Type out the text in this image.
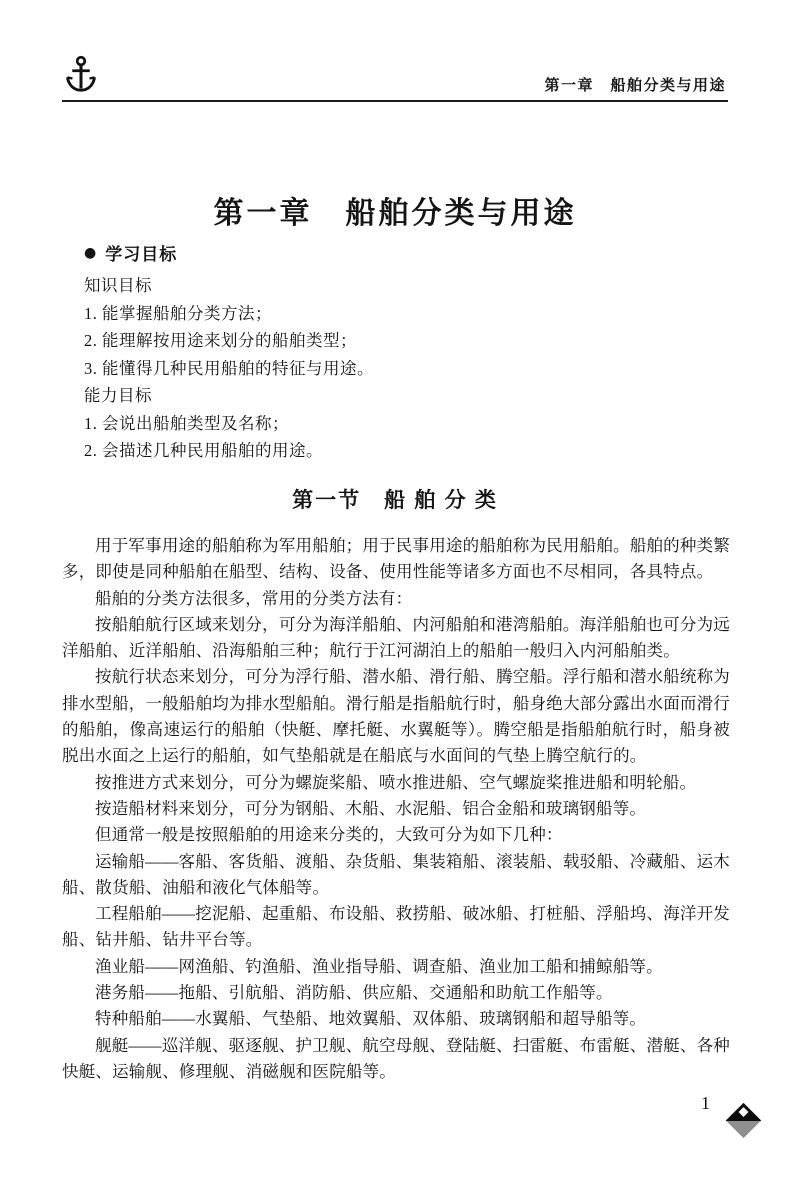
第一章　船舶分类与用途
第一章　船舶分类与用途
● 学习目标
知识目标
1. 能掌握船舶分类方法；
2. 能理解按用途来划分的船舶类型；
3. 能懂得几种民用船舶的特征与用途。
能力目标
1. 会说出船舶类型及名称；
2. 会描述几种民用船舶的用途。
第一节　船 舶 分 类

用于军事用途的船舶称为军用船舶；用于民事用途的船舶称为民用船舶。船舶的种类繁多，即使是同种船舶在船型、结构、设备、使用性能等诸多方面也不尽相同，各具特点。

船舶的分类方法很多，常用的分类方法有：

按船舶航行区域来划分，可分为海洋船舶、内河船舶和港湾船舶。海洋船舶也可分为远洋船舶、近洋船舶、沿海船舶三种；航行于江河湖泊上的船舶一般归入内河船舶类。

按航行状态来划分，可分为浮行船、潜水船、滑行船、腾空船。浮行船和潜水船统称为排水型船，一般船舶均为排水型船舶。滑行船是指船航行时，船身绝大部分露出水面而滑行的船舶，像高速运行的船舶（快艇、摩托艇、水翼艇等）。腾空船是指船舶航行时，船身被脱出水面之上运行的船舶，如气垫船就是在船底与水面间的气垫上腾空航行的。

按推进方式来划分，可分为螺旋桨船、喷水推进船、空气螺旋桨推进船和明轮船。

按造船材料来划分，可分为钢船、木船、水泥船、铝合金船和玻璃钢船等。

但通常一般是按照船舶的用途来分类的，大致可分为如下几种：

运输船——客船、客货船、渡船、杂货船、集装箱船、滚装船、载驳船、冷藏船、运木船、散货船、油船和液化气体船等。

工程船舶——挖泥船、起重船、布设船、救捞船、破冰船、打桩船、浮船坞、海洋开发船、钻井船、钻井平台等。

渔业船——网渔船、钓渔船、渔业指导船、调查船、渔业加工船和捕鲸船等。

港务船——拖船、引航船、消防船、供应船、交通船和助航工作船等。

特种船舶——水翼船、气垫船、地效翼船、双体船、玻璃钢船和超导船等。

舰艇——巡洋舰、驱逐舰、护卫舰、航空母舰、登陆艇、扫雷艇、布雷艇、潜艇、各种快艇、运输舰、修理舰、消磁舰和医院船等。

1
